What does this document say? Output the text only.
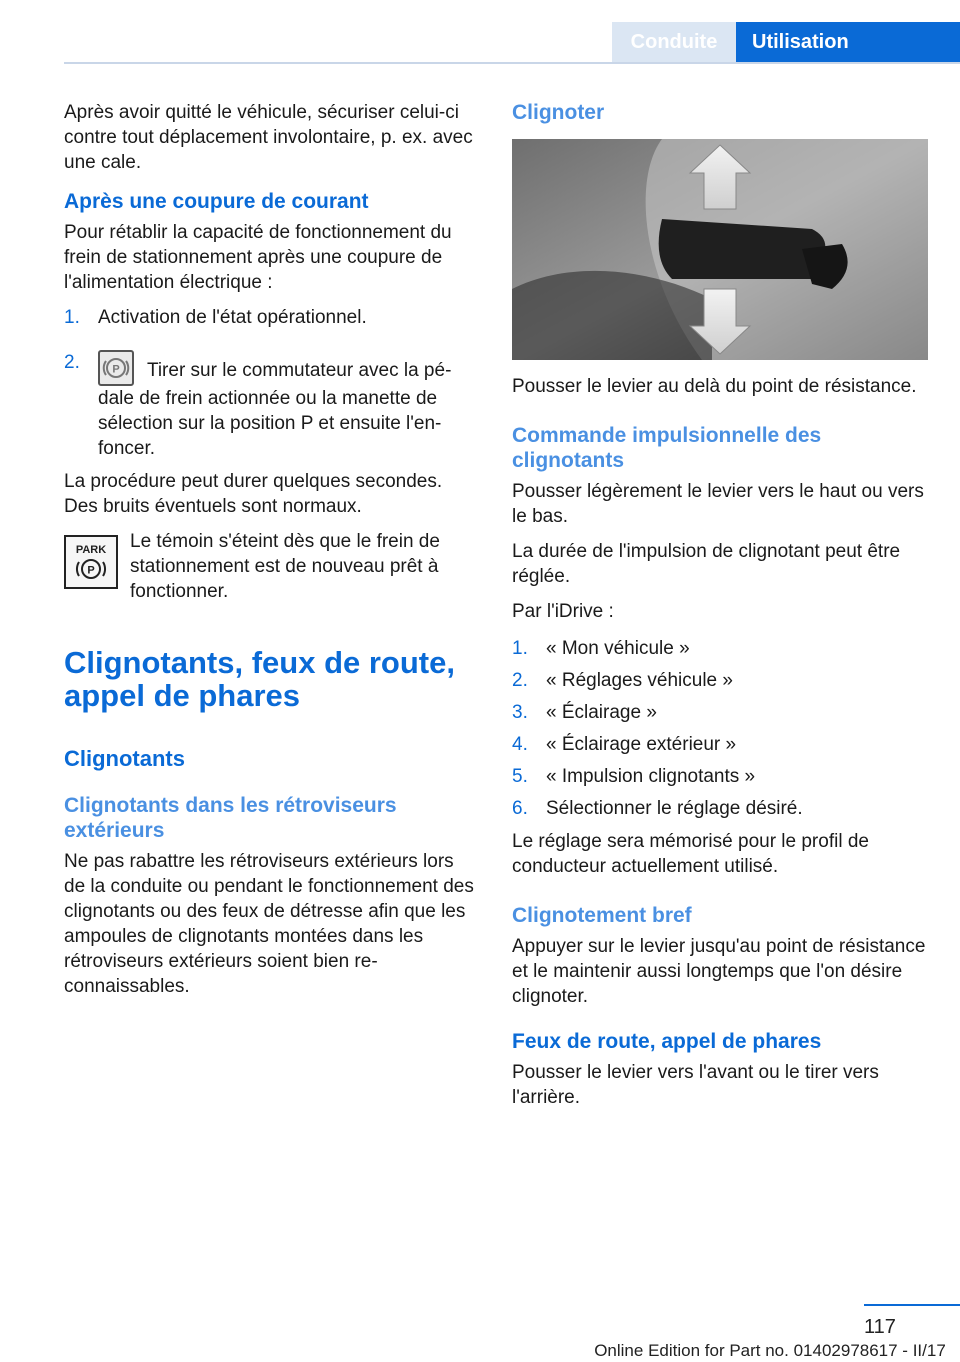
Conduite	Utilisation

Après avoir quitté le véhicule, sécuriser celui-ci contre tout déplacement involontaire, p. ex. avec une cale.

Après une coupure de courant

Pour rétablir la capacité de fonctionnement du frein de stationnement après une coupure de l'alimentation électrique :

1. Activation de l'état opérationnel.
2.	P Tirer sur le commutateur avec la pédale de frein actionnée ou la manette de sélection sur la position P et ensuite l'enfoncer.

La procédure peut durer quelques secondes. Des bruits éventuels sont normaux.

PARK
P

Le témoin s'éteint dès que le frein de stationnement est de nouveau prêt à fonctionner.

Clignotants, feux de route, appel de phares
Clignotants
Clignotants dans les rétroviseurs extérieurs

Ne pas rabattre les rétroviseurs extérieurs lors de la conduite ou pendant le fonctionnement des clignotants ou des feux de détresse afin que les ampoules de clignotants montées dans les rétroviseurs extérieurs soient bien reconnaissables.

Clignoter

Pousser le levier au delà du point de résistance.

Commande impulsionnelle des clignotants

Pousser légèrement le levier vers le haut ou vers le bas.

La durée de l'impulsion de clignotant peut être réglée.

Par l'iDrive :

1. « Mon véhicule »
2. « Réglages véhicule »
3. « Éclairage »
4. « Éclairage extérieur »
5. « Impulsion clignotants »
6. Sélectionner le réglage désiré.

Le réglage sera mémorisé pour le profil de conducteur actuellement utilisé.

Clignotement bref

Appuyer sur le levier jusqu'au point de résistance et le maintenir aussi longtemps que l'on désire clignoter.

Feux de route, appel de phares

Pousser le levier vers l'avant ou le tirer vers l'arrière.

117
Online Edition for Part no. 01402978617 - II/17
